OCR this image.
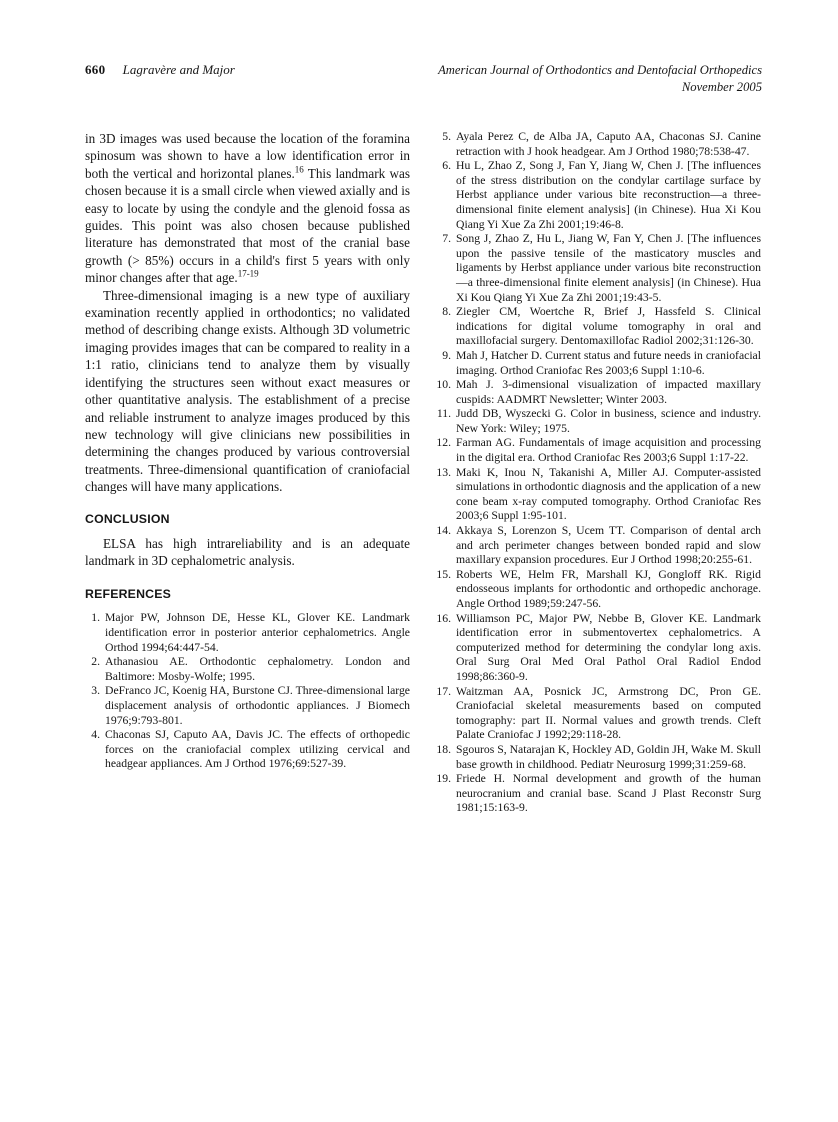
660 Lagravère and Major	American Journal of Orthodontics and Dentofacial Orthopedics
November 2005

in 3D images was used because the location of the foramina spinosum was shown to have a low identification error in both the vertical and horizontal planes.$^{16}$ This landmark was chosen because it is a small circle when viewed axially and is easy to locate by using the condyle and the glenoid fossa as guides. This point was also chosen because published literature has demonstrated that most of the cranial base growth (> 85%) occurs in a child's first 5 years with only minor changes after that age.$^{17-19}$

Three-dimensional imaging is a new type of auxiliary examination recently applied in orthodontics; no validated method of describing change exists. Although 3D volumetric imaging provides images that can be compared to reality in a 1:1 ratio, clinicians tend to analyze them by visually identifying the structures seen without exact measures or other quantitative analysis. The establishment of a precise and reliable instrument to analyze images produced by this new technology will give clinicians new possibilities in determining the changes produced by various controversial treatments. Three-dimensional quantification of craniofacial changes will have many applications.

CONCLUSION

ELSA has high intrareliability and is an adequate landmark in 3D cephalometric analysis.

REFERENCES
1. Major PW, Johnson DE, Hesse KL, Glover KE. Landmark identification error in posterior anterior cephalometrics. Angle Orthod 1994;64:447-54.
2. Athanasiou AE. Orthodontic cephalometry. London and Baltimore: Mosby-Wolfe; 1995.
3. DeFranco JC, Koenig HA, Burstone CJ. Three-dimensional large displacement analysis of orthodontic appliances. J Biomech 1976;9:793-801.
4. Chaconas SJ, Caputo AA, Davis JC. The effects of orthopedic forces on the craniofacial complex utilizing cervical and headgear appliances. Am J Orthod 1976;69:527-39.
5. Ayala Perez C, de Alba JA, Caputo AA, Chaconas SJ. Canine retraction with J hook headgear. Am J Orthod 1980;78:538-47.
6. Hu L, Zhao Z, Song J, Fan Y, Jiang W, Chen J. [The influences of the stress distribution on the condylar cartilage surface by Herbst appliance under various bite reconstruction—a three-dimensional finite element analysis] (in Chinese). Hua Xi Kou Qiang Yi Xue Za Zhi 2001;19:46-8.
7. Song J, Zhao Z, Hu L, Jiang W, Fan Y, Chen J. [The influences upon the passive tensile of the masticatory muscles and ligaments by Herbst appliance under various bite reconstruction—a three-dimensional finite element analysis] (in Chinese). Hua Xi Kou Qiang Yi Xue Za Zhi 2001;19:43-5.
8. Ziegler CM, Woertche R, Brief J, Hassfeld S. Clinical indications for digital volume tomography in oral and maxillofacial surgery. Dentomaxillofac Radiol 2002;31:126-30.
9. Mah J, Hatcher D. Current status and future needs in craniofacial imaging. Orthod Craniofac Res 2003;6 Suppl 1:10-6.
10. Mah J. 3-dimensional visualization of impacted maxillary cuspids: AADMRT Newsletter; Winter 2003.
11. Judd DB, Wyszecki G. Color in business, science and industry. New York: Wiley; 1975.
12. Farman AG. Fundamentals of image acquisition and processing in the digital era. Orthod Craniofac Res 2003;6 Suppl 1:17-22.
13. Maki K, Inou N, Takanishi A, Miller AJ. Computer-assisted simulations in orthodontic diagnosis and the application of a new cone beam x-ray computed tomography. Orthod Craniofac Res 2003;6 Suppl 1:95-101.
14. Akkaya S, Lorenzon S, Ucem TT. Comparison of dental arch and arch perimeter changes between bonded rapid and slow maxillary expansion procedures. Eur J Orthod 1998;20:255-61.
15. Roberts WE, Helm FR, Marshall KJ, Gongloff RK. Rigid endosseous implants for orthodontic and orthopedic anchorage. Angle Orthod 1989;59:247-56.
16. Williamson PC, Major PW, Nebbe B, Glover KE. Landmark identification error in submentovertex cephalometrics. A computerized method for determining the condylar long axis. Oral Surg Oral Med Oral Pathol Oral Radiol Endod 1998;86:360-9.
17. Waitzman AA, Posnick JC, Armstrong DC, Pron GE. Craniofacial skeletal measurements based on computed tomography: part II. Normal values and growth trends. Cleft Palate Craniofac J 1992;29:118-28.
18. Sgouros S, Natarajan K, Hockley AD, Goldin JH, Wake M. Skull base growth in childhood. Pediatr Neurosurg 1999;31:259-68.
19. Friede H. Normal development and growth of the human neurocranium and cranial base. Scand J Plast Reconstr Surg 1981;15:163-9.
